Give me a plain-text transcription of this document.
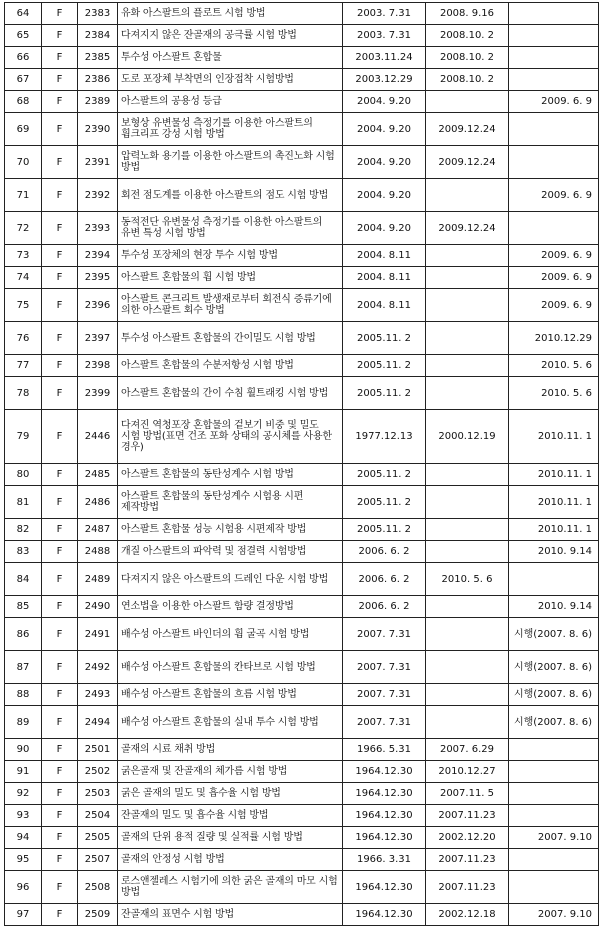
64	F	2383	유화 아스팔트의 플로트 시험 방법	2003. 7.31	2008. 9.16	
65	F	2384	다져지지 않은 잔골재의 공극률 시험 방법	2003. 7.31	2008.10. 2	
66	F	2385	투수성 아스팔트 혼합물	2003.11.24	2008.10. 2	
67	F	2386	도로 포장체 부착면의 인장접착 시험방법	2003.12.29	2008.10. 2	
68	F	2389	아스팔트의 공용성 등급	2004. 9.20		2009. 6. 9
69	F	2390	보형상 유변물성 측정기를 이용한 아스팔트의 휨크리프 강성 시험 방법	2004. 9.20	2009.12.24	
70	F	2391	압력노화 용기를 이용한 아스팔트의 촉진노화 시험 방법	2004. 9.20	2009.12.24	
71	F	2392	회전 점도계를 이용한 아스팔트의 점도 시험 방법	2004. 9.20		2009. 6. 9
72	F	2393	동적전단 유변물성 측정기를 이용한 아스팔트의 유변 특성 시험 방법	2004. 9.20	2009.12.24	
73	F	2394	투수성 포장체의 현장 투수 시험 방법	2004. 8.11		2009. 6. 9
74	F	2395	아스팔트 혼합물의 휨 시험 방법	2004. 8.11		2009. 6. 9
75	F	2396	아스팔트 콘크리트 발생재로부터 회전식 증류기에 의한 아스팔트 회수 방법	2004. 8.11		2009. 6. 9
76	F	2397	투수성 아스팔트 혼합물의 간이밀도 시험 방법	2005.11. 2		2010.12.29
77	F	2398	아스팔트 혼합물의 수분저항성 시험 방법	2005.11. 2		2010. 5. 6
78	F	2399	아스팔트 혼합물의 간이 수침 휠트래킹 시험 방법	2005.11. 2		2010. 5. 6
79	F	2446	다져진 역청포장 혼합물의 겉보기 비중 및 밀도 시험 방법(표면 건조 포화 상태의 공시체를 사용한 경우)	1977.12.13	2000.12.19	2010.11. 1
80	F	2485	아스팔트 혼합물의 동탄성계수 시험 방법	2005.11. 2		2010.11. 1
81	F	2486	아스팔트 혼합물의 동탄성계수 시험용 시편 제작방법	2005.11. 2		2010.11. 1
82	F	2487	아스팔트 혼합물 성능 시험용 시편제작 방법	2005.11. 2		2010.11. 1
83	F	2488	개질 아스팔트의 파악력 및 점결력 시험방법	2006. 6. 2		2010. 9.14
84	F	2489	다져지지 않은 아스팔트의 드레인 다운 시험 방법	2006. 6. 2	2010. 5. 6	
85	F	2490	연소법을 이용한 아스팔트 함량 결정방법	2006. 6. 2		2010. 9.14
86	F	2491	배수성 아스팔트 바인더의 휨 굴곡 시험 방법	2007. 7.31		시행(2007. 8. 6)
87	F	2492	배수성 아스팔트 혼합물의 칸타브로 시험 방법	2007. 7.31		시행(2007. 8. 6)
88	F	2493	배수성 아스팔트 혼합물의 흐름 시험 방법	2007. 7.31		시행(2007. 8. 6)
89	F	2494	배수성 아스팔트 혼합물의 실내 투수 시험 방법	2007. 7.31		시행(2007. 8. 6)
90	F	2501	골재의 시료 채취 방법	1966. 5.31	2007. 6.29	
91	F	2502	굵은골재 및 잔골재의 체가름 시험 방법	1964.12.30	2010.12.27	
92	F	2503	굵은 골재의 밀도 및 흡수율 시험 방법	1964.12.30	2007.11. 5	
93	F	2504	잔골재의 밀도 및 흡수율 시험 방법	1964.12.30	2007.11.23	
94	F	2505	골재의 단위 용적 질량 및 실적률 시험 방법	1964.12.30	2002.12.20	2007. 9.10
95	F	2507	골재의 안정성 시험 방법	1966. 3.31	2007.11.23	
96	F	2508	로스앤젤레스 시험기에 의한 굵은 골재의 마모 시험 방법	1964.12.30	2007.11.23	
97	F	2509	잔골재의 표면수 시험 방법	1964.12.30	2002.12.18	2007. 9.10
